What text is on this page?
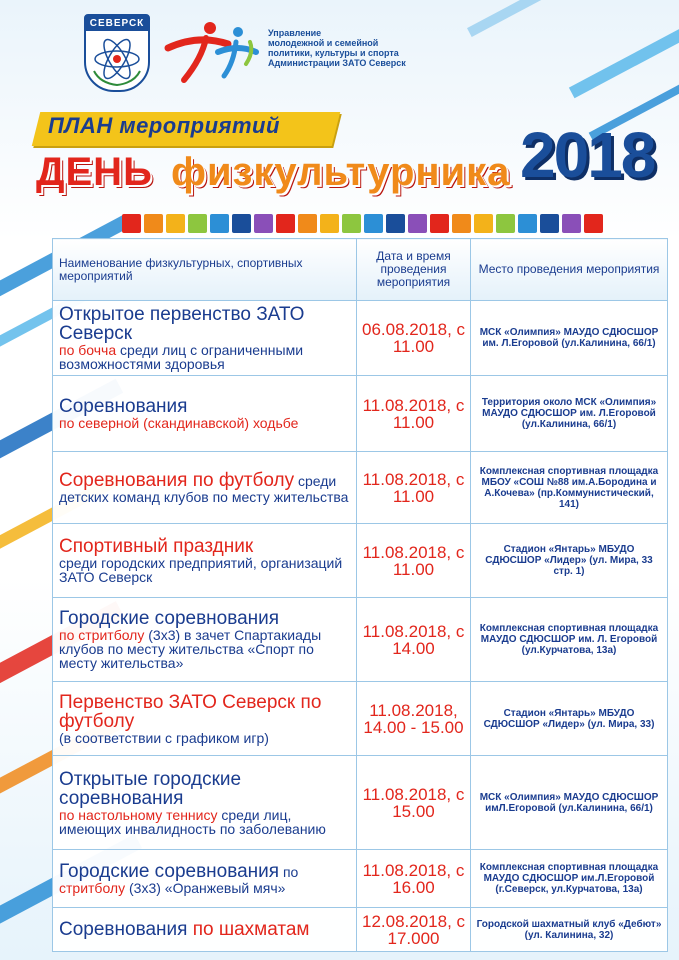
СЕВЕРСК
Управление
молодежной и семейной
политики, культуры и спорта
Администрации ЗАТО Северск
ПЛАН мероприятий
ДЕНЬ физкультурника 2018
Наименование физкультурных, спортивных мероприятий	Дата и время проведения мероприятия	Место проведения мероприятия
Открытое первенство ЗАТО Северск
по бочча среди лиц с ограниченными возможностями здоровья	06.08.2018, с 11.00	МСК «Олимпия» МАУДО СДЮСШОР им. Л.Егоровой (ул.Калинина, 66/1)
Соревнования
по северной (скандинавской) ходьбе	11.08.2018, с 11.00	Территория около МСК «Олимпия» МАУДО СДЮСШОР им. Л.Егоровой (ул.Калинина, 66/1)
Соревнования по футболу среди детских команд клубов по месту жительства	11.08.2018, с 11.00	Комплексная спортивная площадка МБОУ «СОШ №88 им.А.Бородина и А.Кочева» (пр.Коммунистический, 141)
Спортивный праздник
среди городских предприятий, организаций ЗАТО Северск	11.08.2018, с 11.00	Стадион «Янтарь» МБУДО СДЮСШОР «Лидер» (ул. Мира, 33 стр. 1)
Городские соревнования
по стритболу (3х3) в зачет Спартакиады клубов по месту жительства «Спорт по месту жительства»	11.08.2018, с 14.00	Комплексная спортивная площадка МАУДО СДЮСШОР им. Л. Егоровой (ул.Курчатова, 13а)
Первенство ЗАТО Северск по футболу
(в соответствии с графиком игр)	11.08.2018, 14.00 - 15.00	Стадион «Янтарь» МБУДО СДЮСШОР «Лидер» (ул. Мира, 33)
Открытые городские соревнования
по настольному теннису среди лиц, имеющих инвалидность по заболеванию	11.08.2018, с 15.00	МСК «Олимпия» МАУДО СДЮСШОР имЛ.Егоровой (ул.Калинина, 66/1)
Городские соревнования по
стритболу (3х3) «Оранжевый мяч»	11.08.2018, с 16.00	Комплексная спортивная площадка МАУДО СДЮСШОР им.Л.Егоровой (г.Северск, ул.Курчатова, 13а)
Соревнования по шахматам	12.08.2018, с 17.000	Городской шахматный клуб «Дебют» (ул. Калинина, 32)
